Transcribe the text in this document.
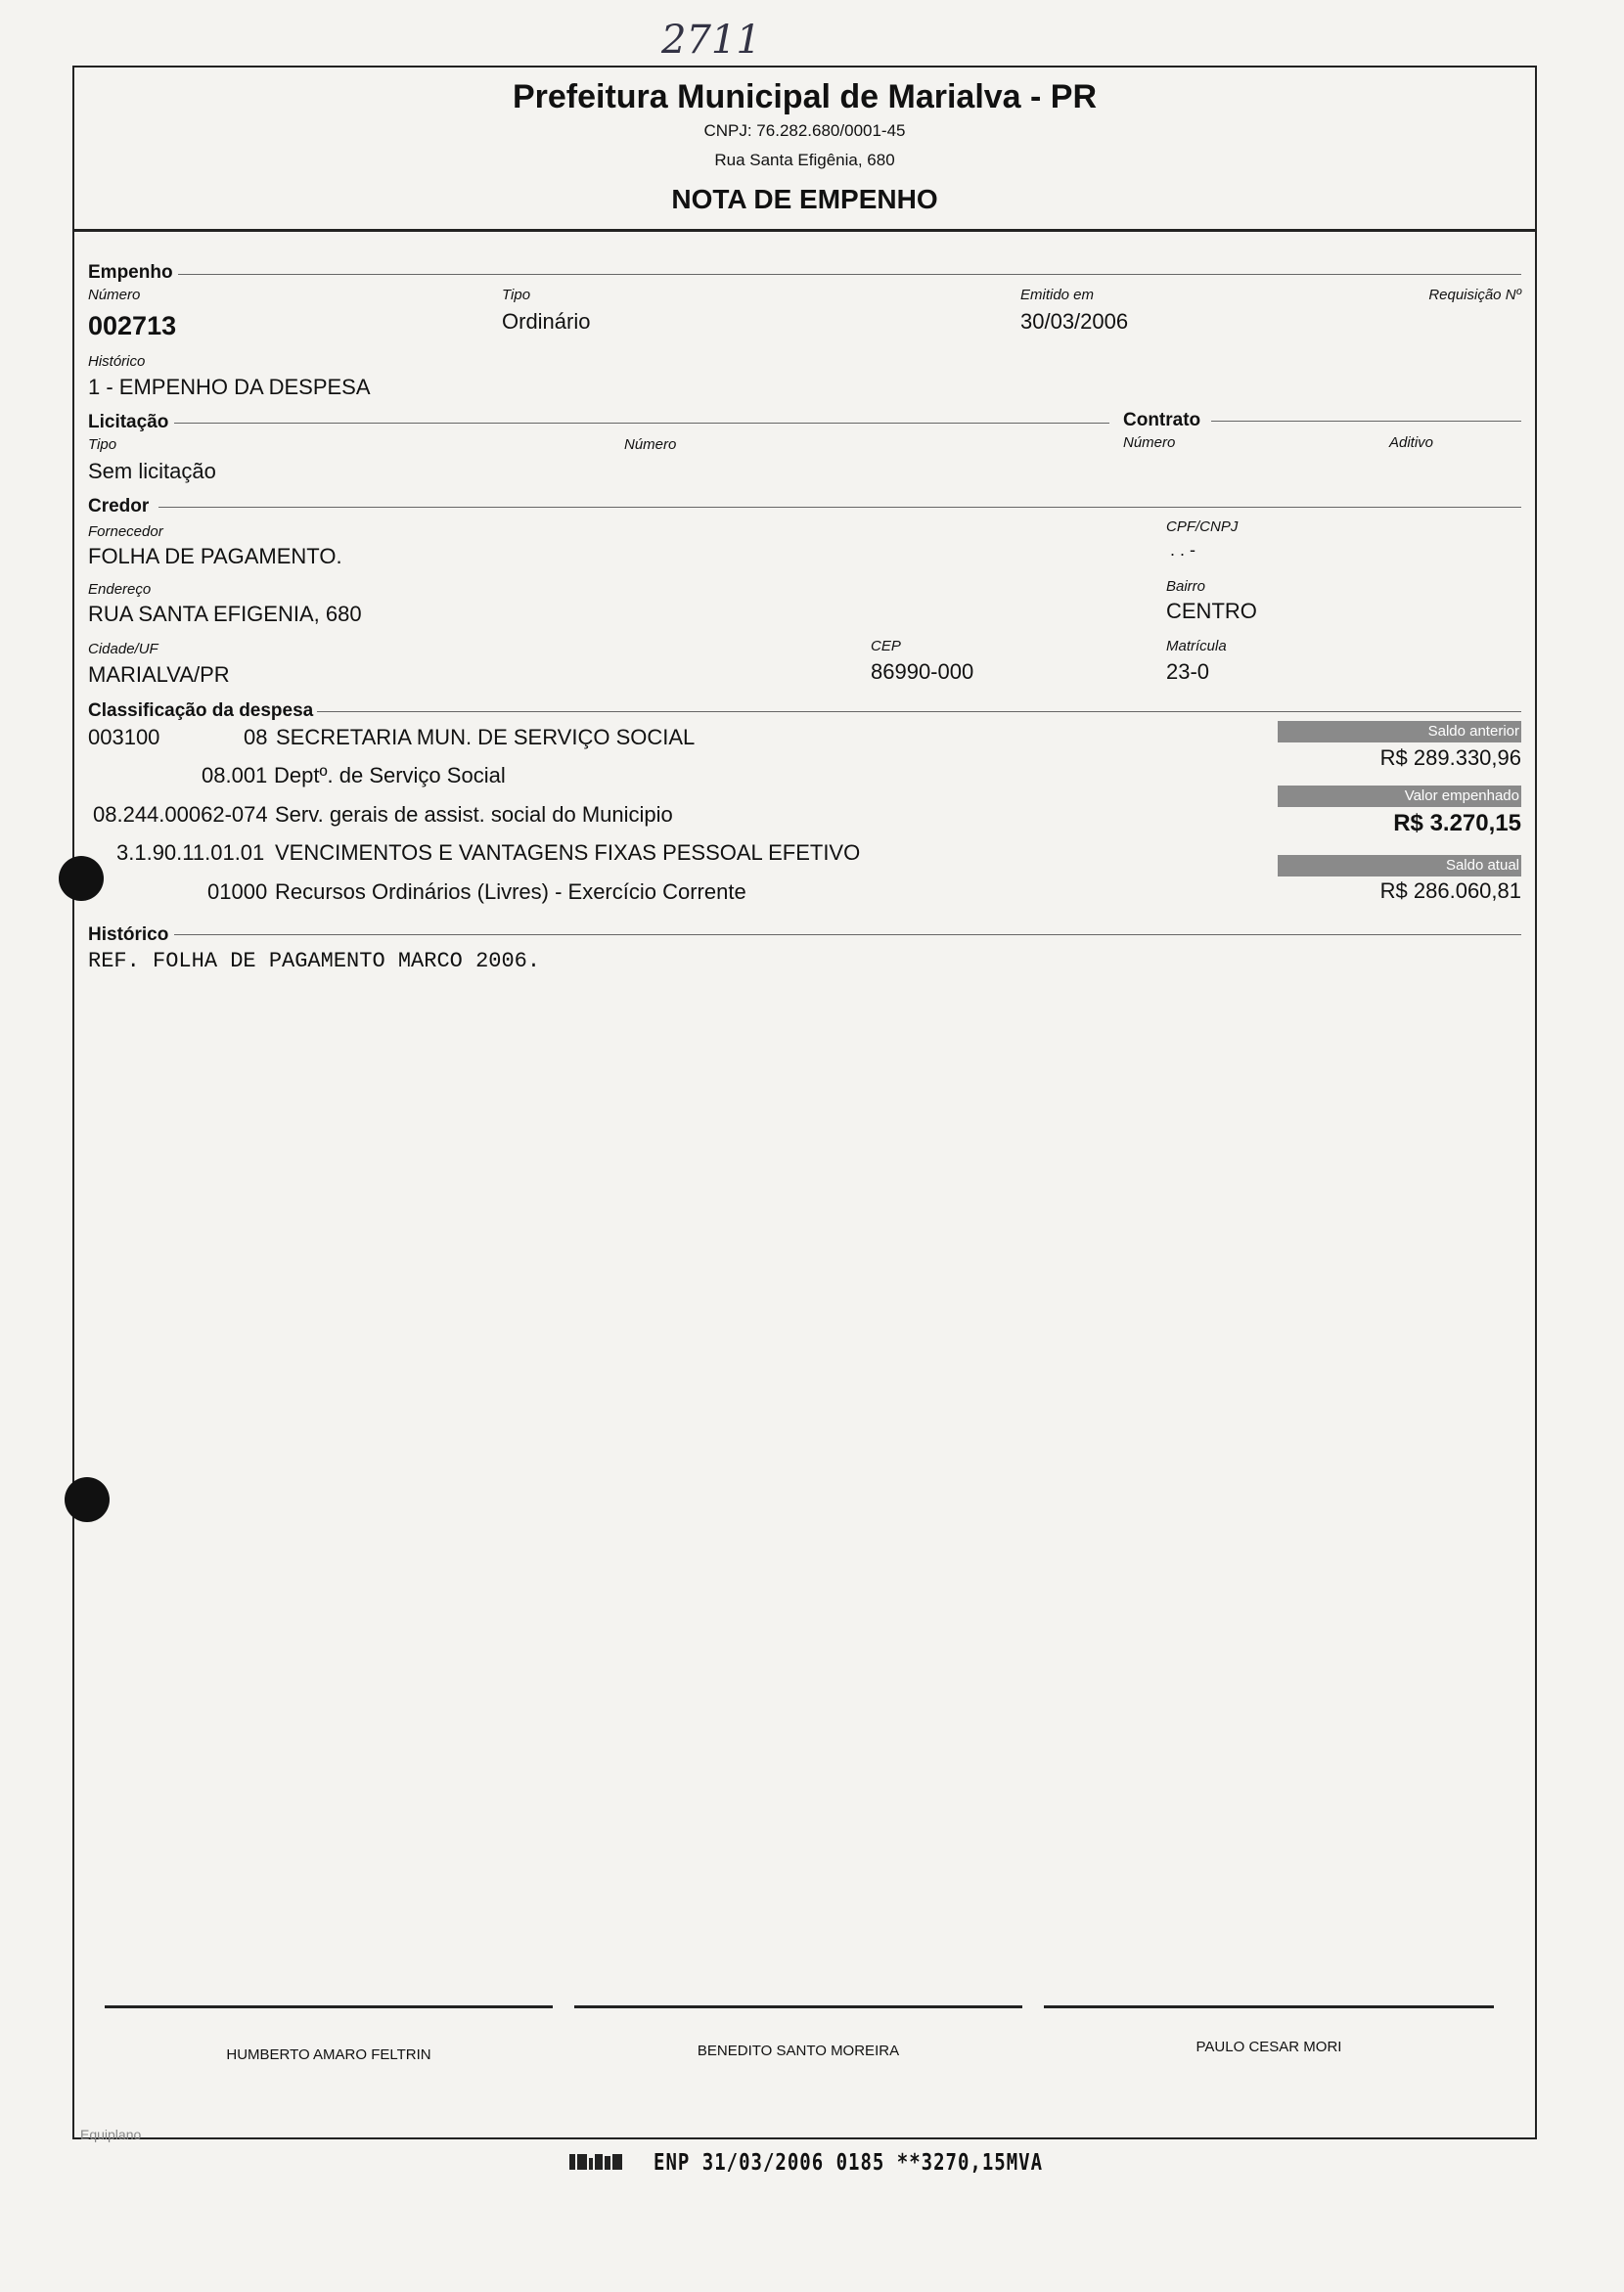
2711
Prefeitura Municipal de Marialva - PR
CNPJ: 76.282.680/0001-45
Rua Santa Efigênia, 680
NOTA DE EMPENHO
Empenho
Número
002713
Tipo
Ordinário
Emitido em
30/03/2006
Requisição Nº
Histórico
1 - EMPENHO DA DESPESA
Licitação	Contrato
Tipo
Sem licitação
Número	Número	Aditivo
Credor
Fornecedor
FOLHA DE PAGAMENTO.
CPF/CNPJ
. . -
Endereço
RUA SANTA EFIGENIA, 680
Bairro
CENTRO
Cidade/UF
MARIALVA/PR
CEP
86990-000
Matrícula
23-0
Classificação da despesa
003100	08 SECRETARIA MUN. DE SERVIÇO SOCIAL
08.001 Deptº. de Serviço Social
08.244.00062-074 Serv. gerais de assist. social do Municipio
3.1.90.11.01.01 VENCIMENTOS E VANTAGENS FIXAS PESSOAL EFETIVO
01000 Recursos Ordinários (Livres) - Exercício Corrente
Saldo anterior
R$ 289.330,96
Valor empenhado
R$ 3.270,15
Saldo atual
R$ 286.060,81
Histórico
REF. FOLHA DE PAGAMENTO MARCO 2006.
HUMBERTO AMARO FELTRIN	BENEDITO SANTO MOREIRA	PAULO CESAR MORI
Equiplano
ENP 31/03/2006 0185 **3270,15MVA
